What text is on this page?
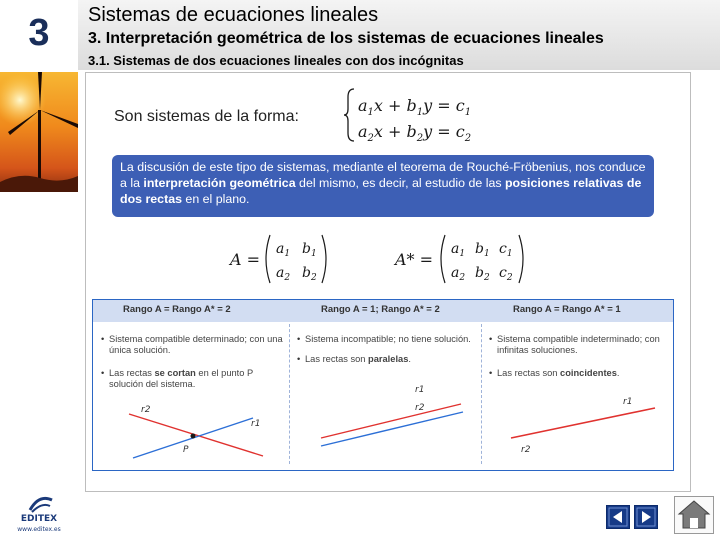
3
EDITEX
www.editex.es
Sistemas de ecuaciones lineales
3. Interpretación geométrica de los sistemas de ecuaciones lineales
3.1. Sistemas de dos ecuaciones lineales con dos incógnitas
Son sistemas de la forma:
$a_1x + b_1y = c_1$
$a_2x + b_2y = c_2$
La discusión de este tipo de sistemas, mediante el teorema de Rouché-Fröbenius, nos conduce a la interpretación geométrica del mismo, es decir, al estudio de las posiciones relativas de dos rectas en el plano.
A =
$a_1$ $b_1$
$a_2$ $b_2$
A* =
$a_1$ $b_1$ $c_1$
$a_2$ $b_2$ $c_2$
Rango A = Rango A* = 2	Rango A = 1; Rango A* = 2	Rango A = Rango A* = 1
• Sistema compatible determinado; con una única solución.
• Las rectas se cortan en el punto P solución del sistema.
r2
r1
P
• Sistema incompatible; no tiene solución.
• Las rectas son paralelas.
r1
r2
• Sistema compatible indeterminado; con infinitas soluciones.
• Las rectas son coincidentes.
r1
r2
